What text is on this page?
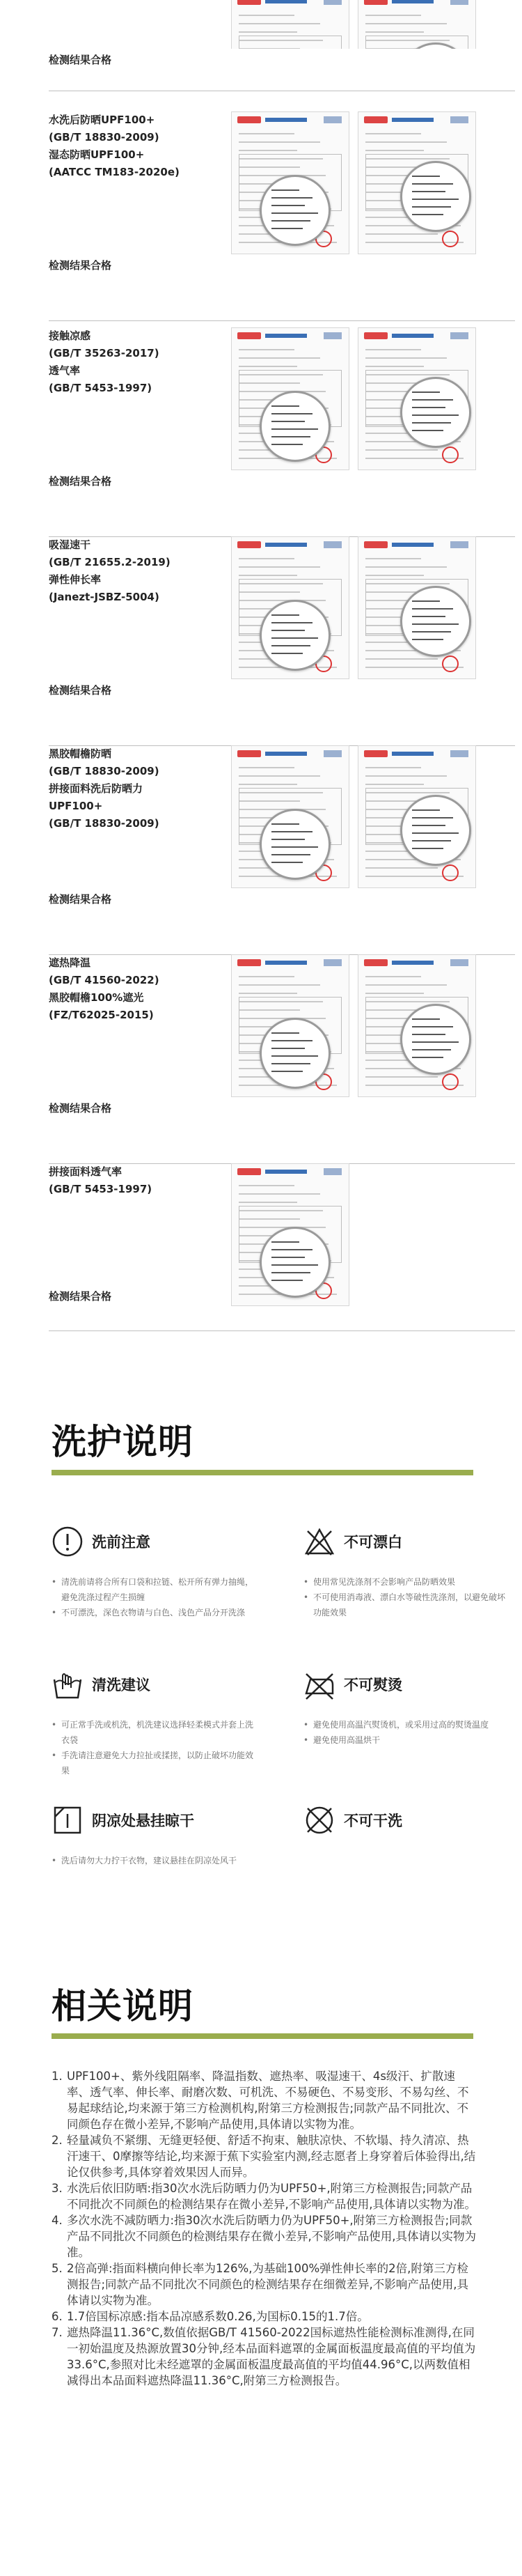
检测结果合格
水洗后防晒UPF100+
(GB/T 18830-2009)
湿态防晒UPF100+
(AATCC TM183-2020e)
检测结果合格
接触凉感
(GB/T 35263-2017)
透气率
(GB/T 5453-1997)
检测结果合格
吸湿速干
(GB/T 21655.2-2019)
弹性伸长率
(Janezt-JSBZ-5004)
检测结果合格
黑胶帽檐防晒
(GB/T 18830-2009)
拼接面料洗后防晒力
UPF100+
(GB/T 18830-2009)
检测结果合格
遮热降温
(GB/T 41560-2022)
黑胶帽檐100%遮光
(FZ/T62025-2015)
检测结果合格
拼接面料透气率
(GB/T 5453-1997)
检测结果合格
洗护说明
洗前注意
• 清洗前请将合所有口袋和拉链、松开所有弹力抽绳，避免洗涤过程产生损缠
• 不可漂洗，深色衣物请与白色、浅色产品分开洗涤
不可漂白
• 使用常见洗涤剂不会影响产品防晒效果
• 不可使用消毒液、漂白水等破性洗涤剂，以避免破坏功能效果
清洗建议
• 可正常手洗或机洗，机洗建议选择轻柔模式并套上洗衣袋
• 手洗请注意避免大力拉扯或揉搓，以防止破坏功能效果
不可熨烫
• 避免使用高温汽熨烫机，或采用过高的熨烫温度
• 避免使用高温烘干
阴凉处悬挂晾干
• 洗后请勿大力拧干衣物，建议悬挂在阴凉处风干
不可干洗
相关说明
1. UPF100+、紫外线阻隔率、降温指数、遮热率、吸湿速干、4s级汗、扩散速率、透气率、伸长率、耐磨次数、可机洗、不易硬色、不易变形、不易勾丝、不易起球结论,均来源于第三方检测机构,附第三方检测报告;同款产品不同批次、不同颜色存在微小差异,不影响产品使用,具体请以实物为准。
2. 轻量减负不紧绷、无缝更轻便、舒适不拘束、触肤凉快、不软塌、持久清凉、热汗速干、0摩擦等结论,均来源于蕉下实验室内测,经志愿者上身穿着后体验得出,结论仅供参考,具体穿着效果因人而异。
3. 水洗后依旧防晒:指30次水洗后防晒力仍为UPF50+,附第三方检测报告;同款产品不同批次不同颜色的检测结果存在微小差异,不影响产品使用,具体请以实物为准。
4. 多次水洗不减防晒力:指30次水洗后防晒力仍为UPF50+,附第三方检测报告;同款产品不同批次不同颜色的检测结果存在微小差异,不影响产品使用,具体请以实物为准。
5. 2倍高弹:指面料横向伸长率为126%,为基础100%弹性伸长率的2倍,附第三方检测报告;同款产品不同批次不同颜色的检测结果存在细微差异,不影响产品使用,具体请以实物为准。
6. 1.7倍国标凉感:指本品凉感系数0.26,为国标0.15的1.7倍。
7. 遮热降温11.36°C,数值依据GB/T 41560-2022国标遮热性能检测标准测得,在同一初始温度及热源放置30分钟,经本品面料遮罩的金属面板温度最高值的平均值为33.6°C,参照对比未经遮罩的金属面板温度最高值的平均值44.96°C,以两数值相减得出本品面料遮热降温11.36°C,附第三方检测报告。
